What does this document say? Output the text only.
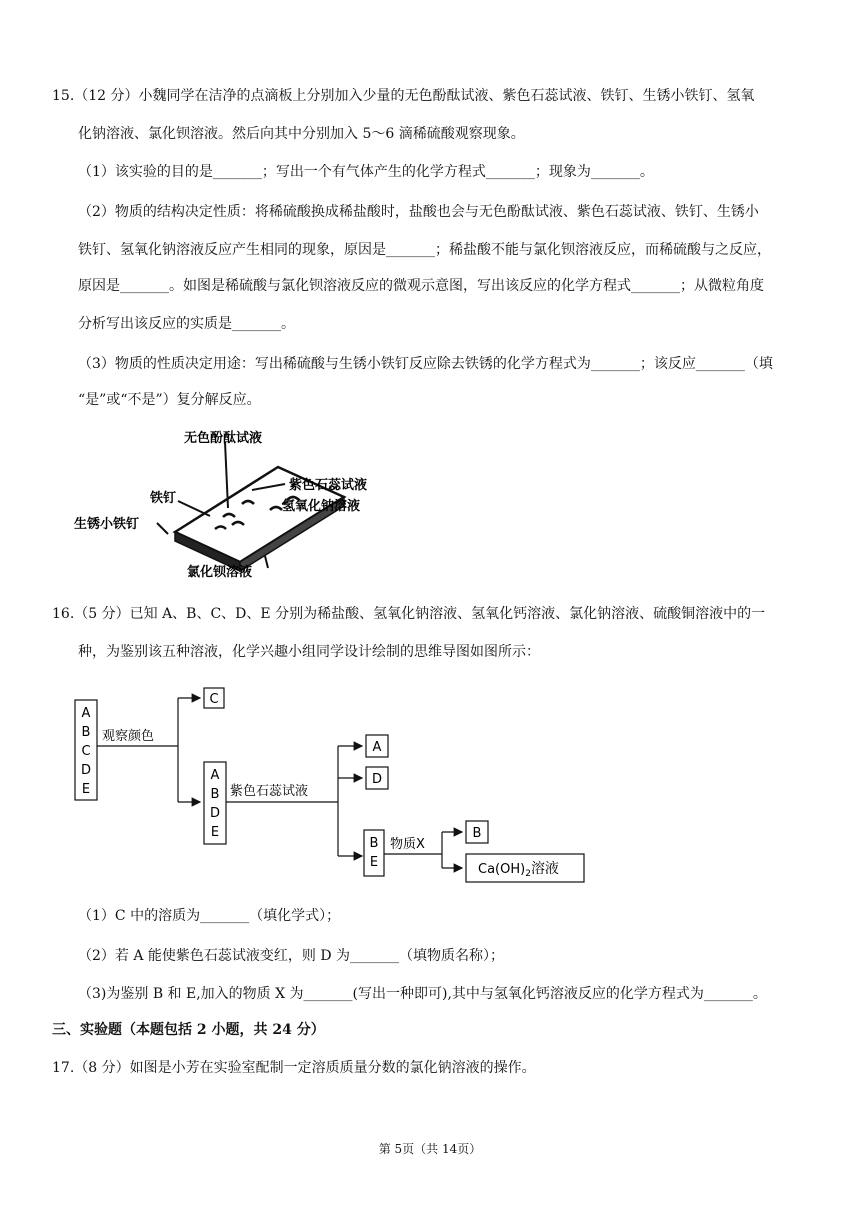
15.（12 分）小魏同学在洁净的点滴板上分别加入少量的无色酚酞试液、紫色石蕊试液、铁钉、生锈小铁钉、氢氧
化钠溶液、氯化钡溶液。然后向其中分别加入 5～6 滴稀硫酸观察现象。
（1）该实验的目的是_______；写出一个有气体产生的化学方程式_______；现象为_______。
（2）物质的结构决定性质：将稀硫酸换成稀盐酸时，盐酸也会与无色酚酞试液、紫色石蕊试液、铁钉、生锈小
铁钉、氢氧化钠溶液反应产生相同的现象，原因是_______；稀盐酸不能与氯化钡溶液反应，而稀硫酸与之反应，
原因是_______。如图是稀硫酸与氯化钡溶液反应的微观示意图，写出该反应的化学方程式_______；从微粒角度
分析写出该反应的实质是_______。
（3）物质的性质决定用途：写出稀硫酸与生锈小铁钉反应除去铁锈的化学方程式为_______；该反应_______（填
“是”或“不是”）复分解反应。
无色酚酞试液
紫色石蕊试液
氢氧化钠溶液
铁钉
生锈小铁钉
氯化钡溶液
16.（5 分）已知 A、B、C、D、E 分别为稀盐酸、氢氧化钠溶液、氢氧化钙溶液、氯化钠溶液、硫酸铜溶液中的一
种，为鉴别该五种溶液，化学兴趣小组同学设计绘制的思维导图如图所示：
A
B
C
D
E
观察颜色
C
A
B
D
E
紫色石蕊试液
A
D
B
E
物质X
B
$Ca(OH)_2$溶液
（1）C 中的溶质为_______（填化学式）；
（2）若 A 能使紫色石蕊试液变红，则 D 为_______（填物质名称）；
（3)为鉴别 B 和 E,加入的物质 X 为_______(写出一种即可),其中与氢氧化钙溶液反应的化学方程式为_______。
三、实验题（本题包括 2 小题，共 24 分）
17.（8 分）如图是小芳在实验室配制一定溶质质量分数的氯化钠溶液的操作。
第 5页（共 14页）
